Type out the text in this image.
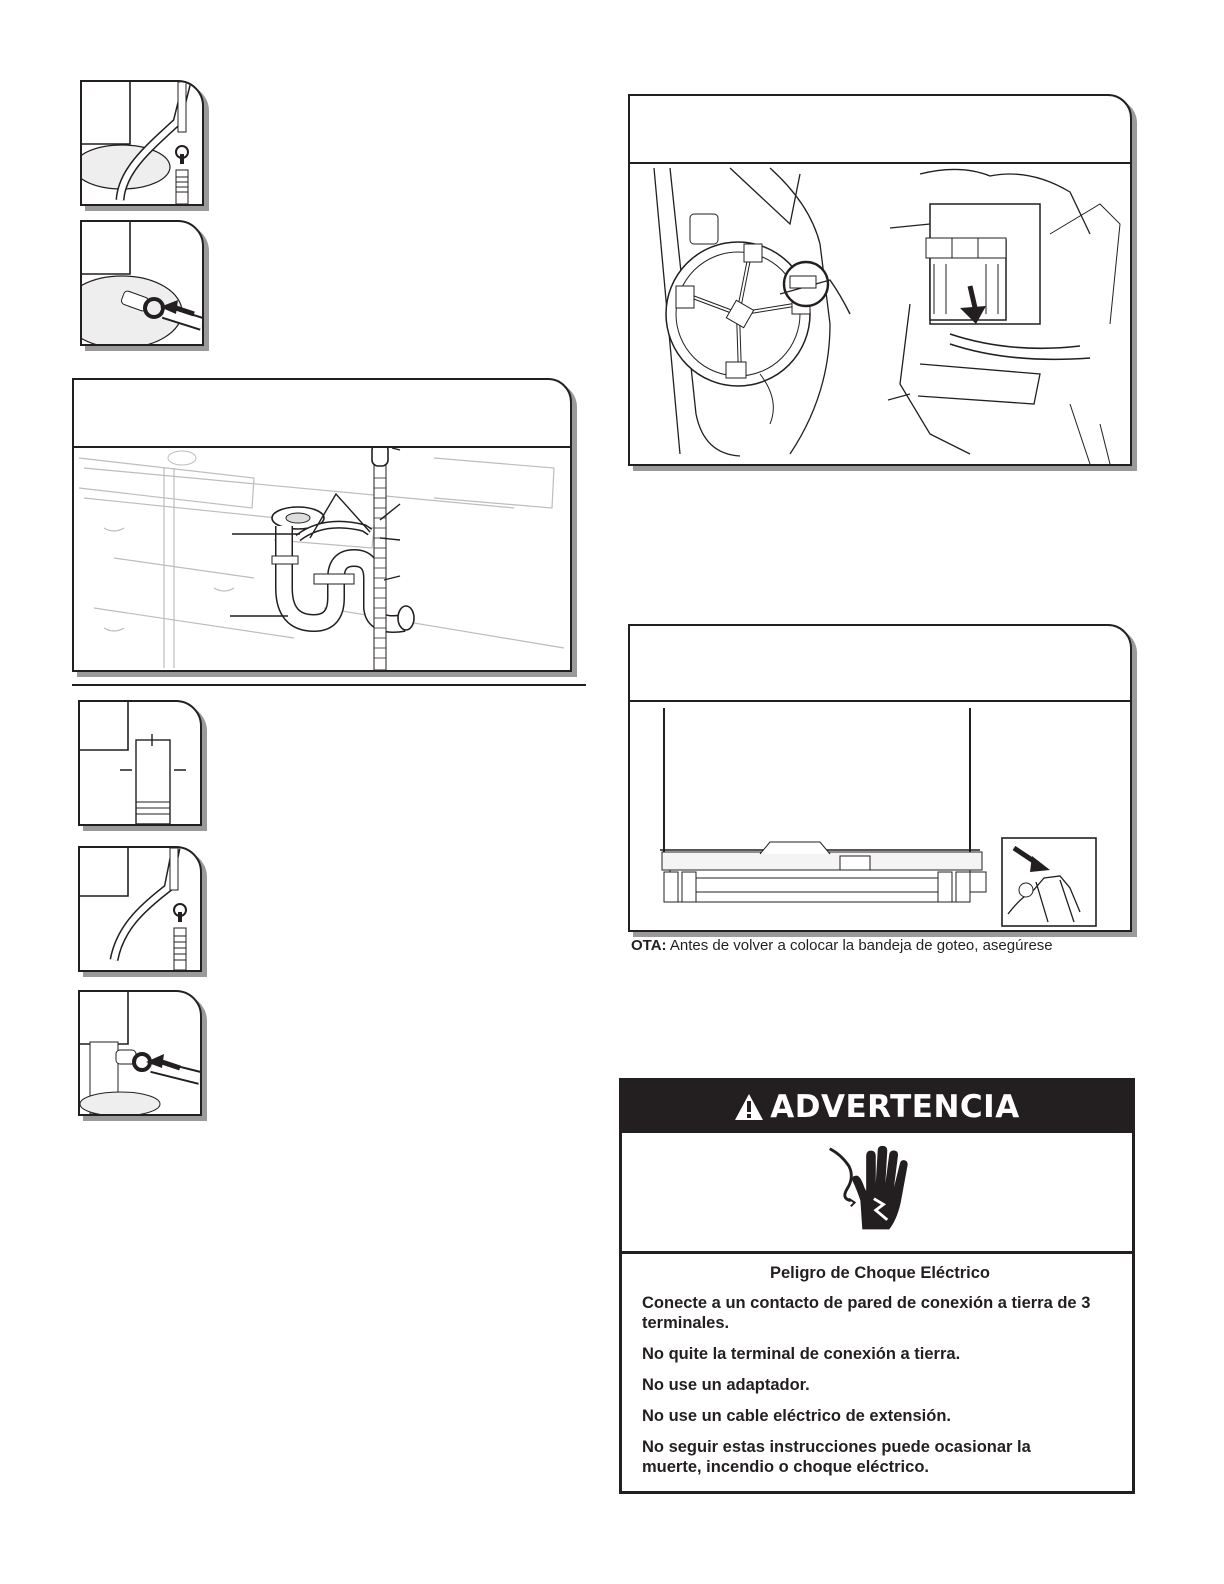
OTA: Antes de volver a colocar la bandeja de goteo, asegúrese
ADVERTENCIA
Peligro de Choque Eléctrico

Conecte a un contacto de pared de conexión a tierra de 3 terminales.

No quite la terminal de conexión a tierra.

No use un adaptador.

No use un cable eléctrico de extensión.

No seguir estas instrucciones puede ocasionar la muerte, incendio o choque eléctrico.
